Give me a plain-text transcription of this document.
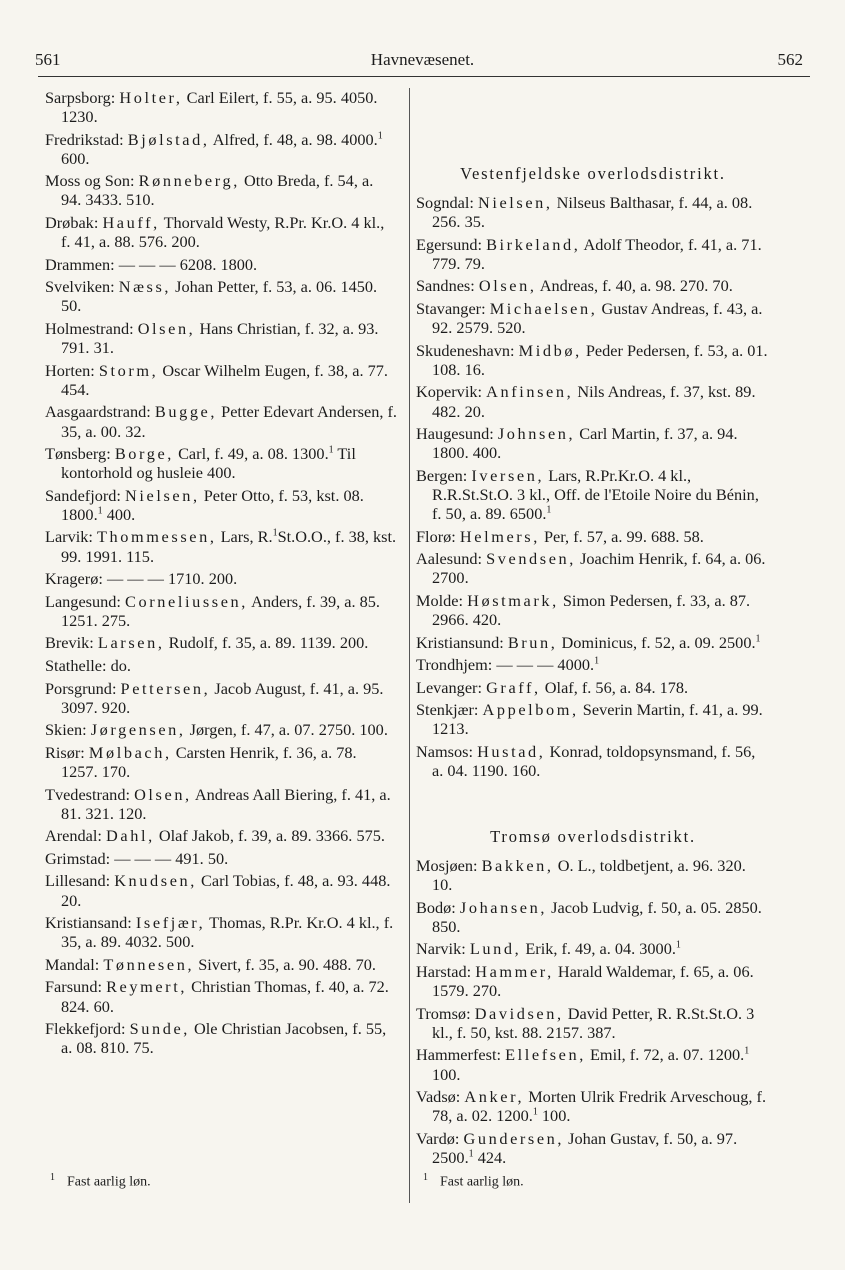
561	Havnevæsenet.	562
Sarpsborg: Holter, Carl Eilert, f. 55, a. 95. 4050. 1230.
Fredrikstad: Bjølstad, Alfred, f. 48, a. 98. 4000.$^1$ 600.
Moss og Son: Rønneberg, Otto Breda, f. 54, a. 94. 3433. 510.
Drøbak: Hauff, Thorvald Westy, R.Pr. Kr.O. 4 kl., f. 41, a. 88. 576. 200.
Drammen: — — — 6208. 1800.
Svelviken: Næss, Johan Petter, f. 53, a. 06. 1450. 50.
Holmestrand: Olsen, Hans Christian, f. 32, a. 93. 791. 31.
Horten: Storm, Oscar Wilhelm Eugen, f. 38, a. 77. 454.
Aasgaardstrand: Bugge, Petter Edevart Andersen, f. 35, a. 00. 32.
Tønsberg: Borge, Carl, f. 49, a. 08. 1300.$^1$ Til kontorhold og husleie 400.
Sandefjord: Nielsen, Peter Otto, f. 53, kst. 08. 1800.$^1$ 400.
Larvik: Thommessen, Lars, R.$^1$St.O.O., f. 38, kst. 99. 1991. 115.
Kragerø: — — — 1710. 200.
Langesund: Corneliussen, Anders, f. 39, a. 85. 1251. 275.
Brevik: Larsen, Rudolf, f. 35, a. 89. 1139. 200.
Stathelle: do.
Porsgrund: Pettersen, Jacob August, f. 41, a. 95. 3097. 920.
Skien: Jørgensen, Jørgen, f. 47, a. 07. 2750. 100.
Risør: Mølbach, Carsten Henrik, f. 36, a. 78. 1257. 170.
Tvedestrand: Olsen, Andreas Aall Biering, f. 41, a. 81. 321. 120.
Arendal: Dahl, Olaf Jakob, f. 39, a. 89. 3366. 575.
Grimstad: — — — 491. 50.
Lillesand: Knudsen, Carl Tobias, f. 48, a. 93. 448. 20.
Kristiansand: Isefjær, Thomas, R.Pr. Kr.O. 4 kl., f. 35, a. 89. 4032. 500.
Mandal: Tønnesen, Sivert, f. 35, a. 90. 488. 70.
Farsund: Reymert, Christian Thomas, f. 40, a. 72. 824. 60.
Flekkefjord: Sunde, Ole Christian Jacobsen, f. 55, a. 08. 810. 75.
Vestenfjeldske overlodsdistrikt.
Sogndal: Nielsen, Nilseus Balthasar, f. 44, a. 08. 256. 35.
Egersund: Birkeland, Adolf Theodor, f. 41, a. 71. 779. 79.
Sandnes: Olsen, Andreas, f. 40, a. 98. 270. 70.
Stavanger: Michaelsen, Gustav Andreas, f. 43, a. 92. 2579. 520.
Skudeneshavn: Midbø, Peder Pedersen, f. 53, a. 01. 108. 16.
Kopervik: Anfinsen, Nils Andreas, f. 37, kst. 89. 482. 20.
Haugesund: Johnsen, Carl Martin, f. 37, a. 94. 1800. 400.
Bergen: Iversen, Lars, R.Pr.Kr.O. 4 kl., R.R.St.St.O. 3 kl., Off. de l'Etoile Noire du Bénin, f. 50, a. 89. 6500.$^1$
Florø: Helmers, Per, f. 57, a. 99. 688. 58.
Aalesund: Svendsen, Joachim Henrik, f. 64, a. 06. 2700.
Molde: Høstmark, Simon Pedersen, f. 33, a. 87. 2966. 420.
Kristiansund: Brun, Dominicus, f. 52, a. 09. 2500.$^1$
Trondhjem: — — — 4000.$^1$
Levanger: Graff, Olaf, f. 56, a. 84. 178.
Stenkjær: Appelbom, Severin Martin, f. 41, a. 99. 1213.
Namsos: Hustad, Konrad, toldopsynsmand, f. 56, a. 04. 1190. 160.
Tromsø overlodsdistrikt.
Mosjøen: Bakken, O. L., toldbetjent, a. 96. 320. 10.
Bodø: Johansen, Jacob Ludvig, f. 50, a. 05. 2850. 850.
Narvik: Lund, Erik, f. 49, a. 04. 3000.$^1$
Harstad: Hammer, Harald Waldemar, f. 65, a. 06. 1579. 270.
Tromsø: Davidsen, David Petter, R. R.St.St.O. 3 kl., f. 50, kst. 88. 2157. 387.
Hammerfest: Ellefsen, Emil, f. 72, a. 07. 1200.$^1$ 100.
Vadsø: Anker, Morten Ulrik Fredrik Arveschoug, f. 78, a. 02. 1200.$^1$ 100.
Vardø: Gundersen, Johan Gustav, f. 50, a. 97. 2500.$^1$ 424.
$^1$ Fast aarlig løn.	$^1$ Fast aarlig løn.
